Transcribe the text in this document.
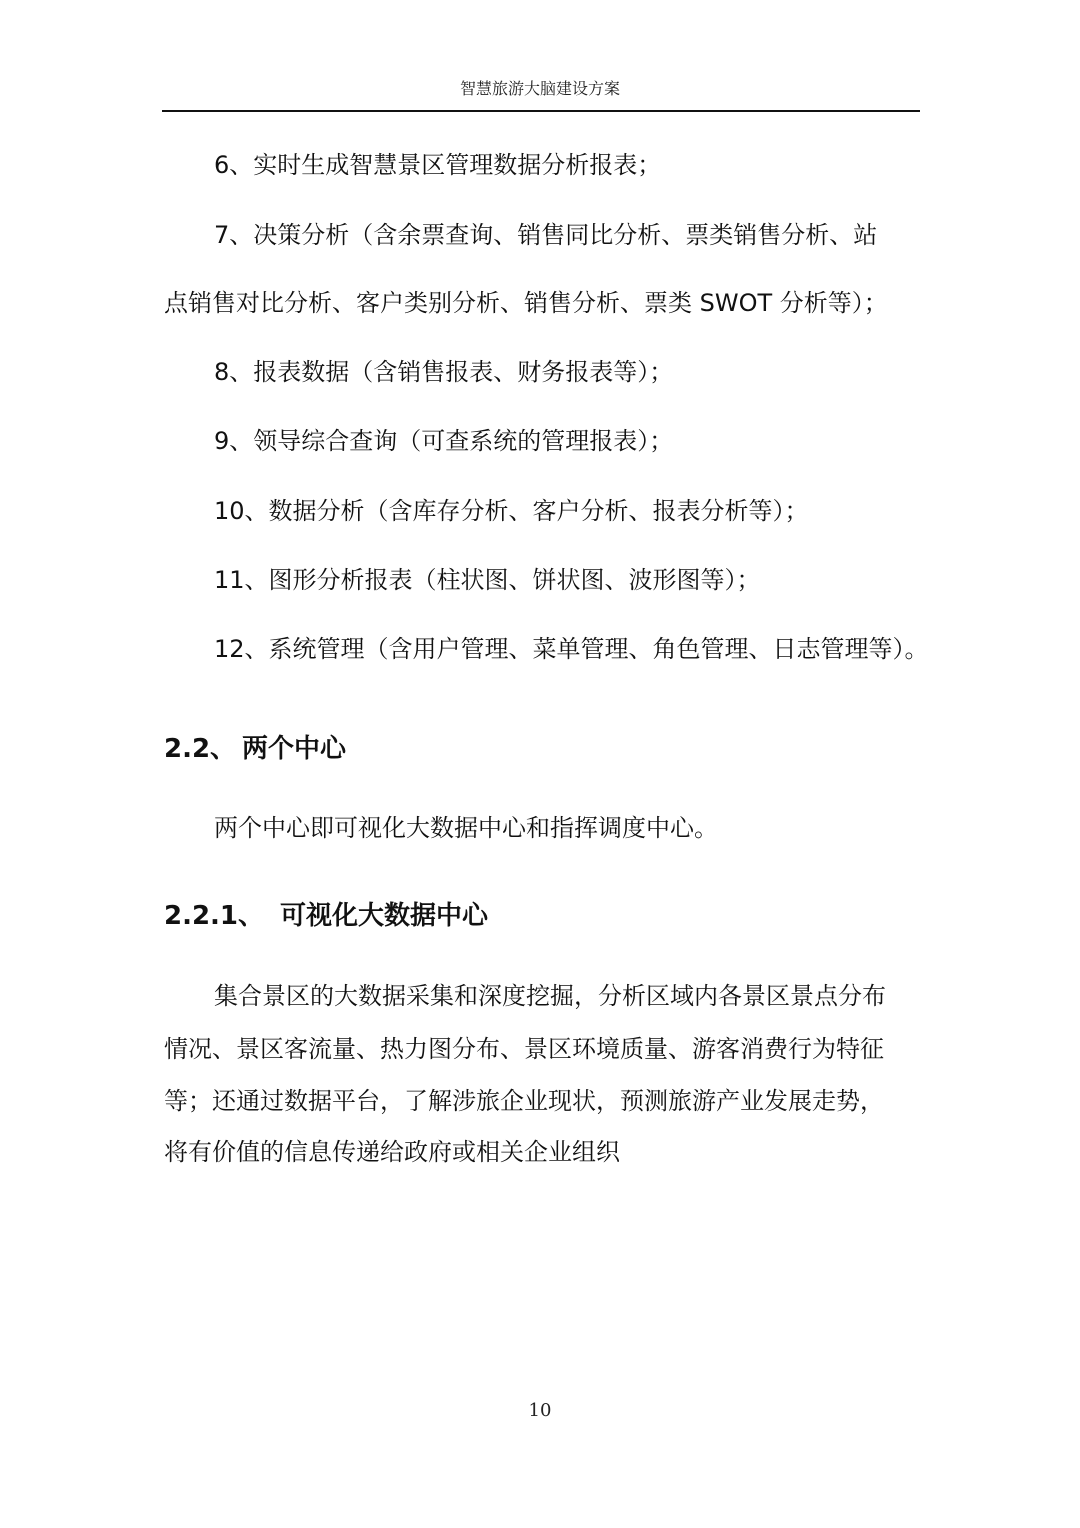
智慧旅游大脑建设方案
6、实时生成智慧景区管理数据分析报表；
7、决策分析（含余票查询、销售同比分析、票类销售分析、站
点销售对比分析、客户类别分析、销售分析、票类 SWOT 分析等）；
8、报表数据（含销售报表、财务报表等）；
9、领导综合查询（可查系统的管理报表）；
10、数据分析（含库存分析、客户分析、报表分析等）；
11、图形分析报表（柱状图、饼状图、波形图等）；
12、系统管理（含用户管理、菜单管理、角色管理、日志管理等）。
2.2、 两个中心
两个中心即可视化大数据中心和指挥调度中心。
2.2.1、 可视化大数据中心
集合景区的大数据采集和深度挖掘，分析区域内各景区景点分布
情况、景区客流量、热力图分布、景区环境质量、游客消费行为特征
等；还通过数据平台，了解涉旅企业现状，预测旅游产业发展走势，
将有价值的信息传递给政府或相关企业组织
10
